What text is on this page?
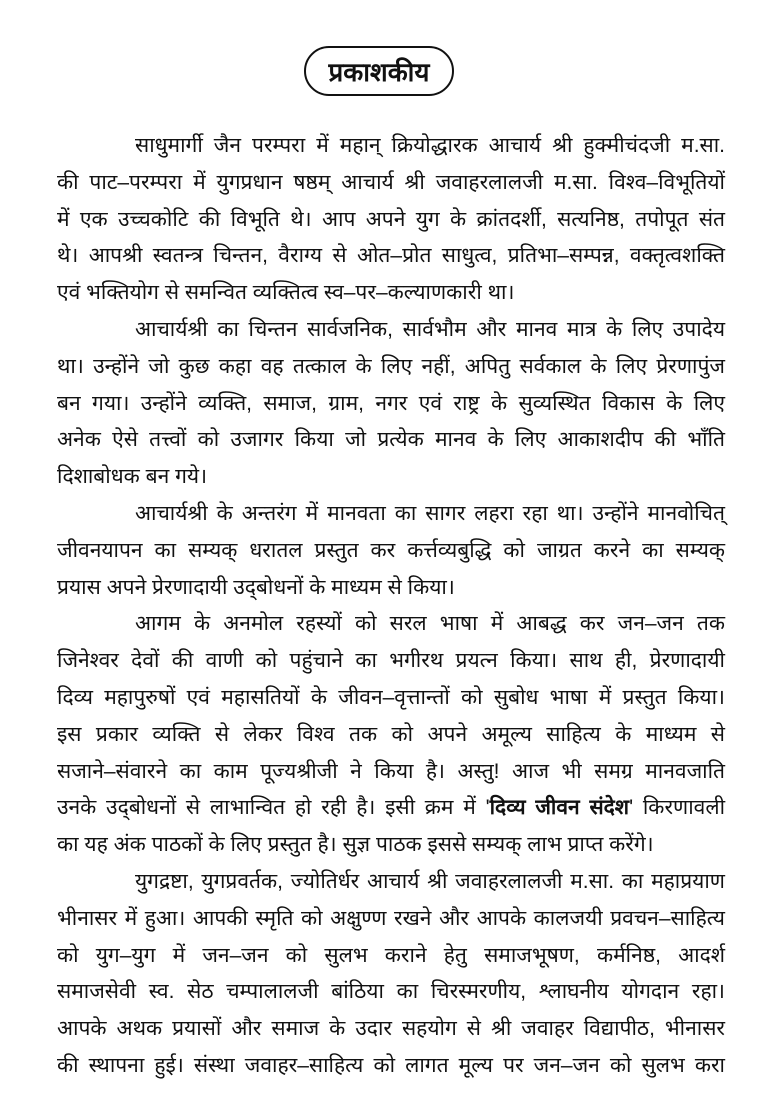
प्रकाशकीय
साधुमार्गी जैन परम्परा में महान् क्रियोद्धारक आचार्य श्री हुक्मीचंदजी म.सा.
की पाट–परम्परा में युगप्रधान षष्ठम् आचार्य श्री जवाहरलालजी म.सा. विश्व–विभूतियों
में एक उच्चकोटि की विभूति थे। आप अपने युग के क्रांतदर्शी, सत्यनिष्ठ, तपोपूत संत
थे। आपश्री स्वतन्त्र चिन्तन, वैराग्य से ओत–प्रोत साधुत्व, प्रतिभा–सम्पन्न, वक्तृत्वशक्ति
एवं भक्तियोग से समन्वित व्यक्तित्व स्व–पर–कल्याणकारी था।
आचार्यश्री का चिन्तन सार्वजनिक, सार्वभौम और मानव मात्र के लिए उपादेय
था। उन्होंने जो कुछ कहा वह तत्काल के लिए नहीं, अपितु सर्वकाल के लिए प्रेरणापुंज
बन गया। उन्होंने व्यक्ति, समाज, ग्राम, नगर एवं राष्ट्र के सुव्यस्थित विकास के लिए
अनेक ऐसे तत्त्वों को उजागर किया जो प्रत्येक मानव के लिए आकाशदीप की भाँति
दिशाबोधक बन गये।
आचार्यश्री के अन्तरंग में मानवता का सागर लहरा रहा था। उन्होंने मानवोचित्
जीवनयापन का सम्यक् धरातल प्रस्तुत कर कर्त्तव्यबुद्धि को जाग्रत करने का सम्यक्
प्रयास अपने प्रेरणादायी उद्‌बोधनों के माध्यम से किया।
आगम के अनमोल रहस्यों को सरल भाषा में आबद्ध कर जन–जन तक
जिनेश्वर देवों की वाणी को पहुंचाने का भगीरथ प्रयत्न किया। साथ ही, प्रेरणादायी
दिव्य महापुरुषों एवं महासतियों के जीवन–वृत्तान्तों को सुबोध भाषा में प्रस्तुत किया।
इस प्रकार व्यक्ति से लेकर विश्व तक को अपने अमूल्य साहित्य के माध्यम से
सजाने–संवारने का काम पूज्यश्रीजी ने किया है। अस्तु! आज भी समग्र मानवजाति
उनके उद्‌बोधनों से लाभान्वित हो रही है। इसी क्रम में 'दिव्य जीवन संदेश' किरणावली
का यह अंक पाठकों के लिए प्रस्तुत है। सुज्ञ पाठक इससे सम्यक् लाभ प्राप्त करेंगे।
युगद्रष्टा, युगप्रवर्तक, ज्योतिर्धर आचार्य श्री जवाहरलालजी म.सा. का महाप्रयाण
भीनासर में हुआ। आपकी स्मृति को अक्षुण्ण रखने और आपके कालजयी प्रवचन–साहित्य
को युग–युग में जन–जन को सुलभ कराने हेतु समाजभूषण, कर्मनिष्ठ, आदर्श
समाजसेवी स्व. सेठ चम्पालालजी बांठिया का चिरस्मरणीय, श्लाघनीय योगदान रहा।
आपके अथक प्रयासों और समाज के उदार सहयोग से श्री जवाहर विद्यापीठ, भीनासर
की स्थापना हुई। संस्था जवाहर–साहित्य को लागत मूल्य पर जन–जन को सुलभ करा
